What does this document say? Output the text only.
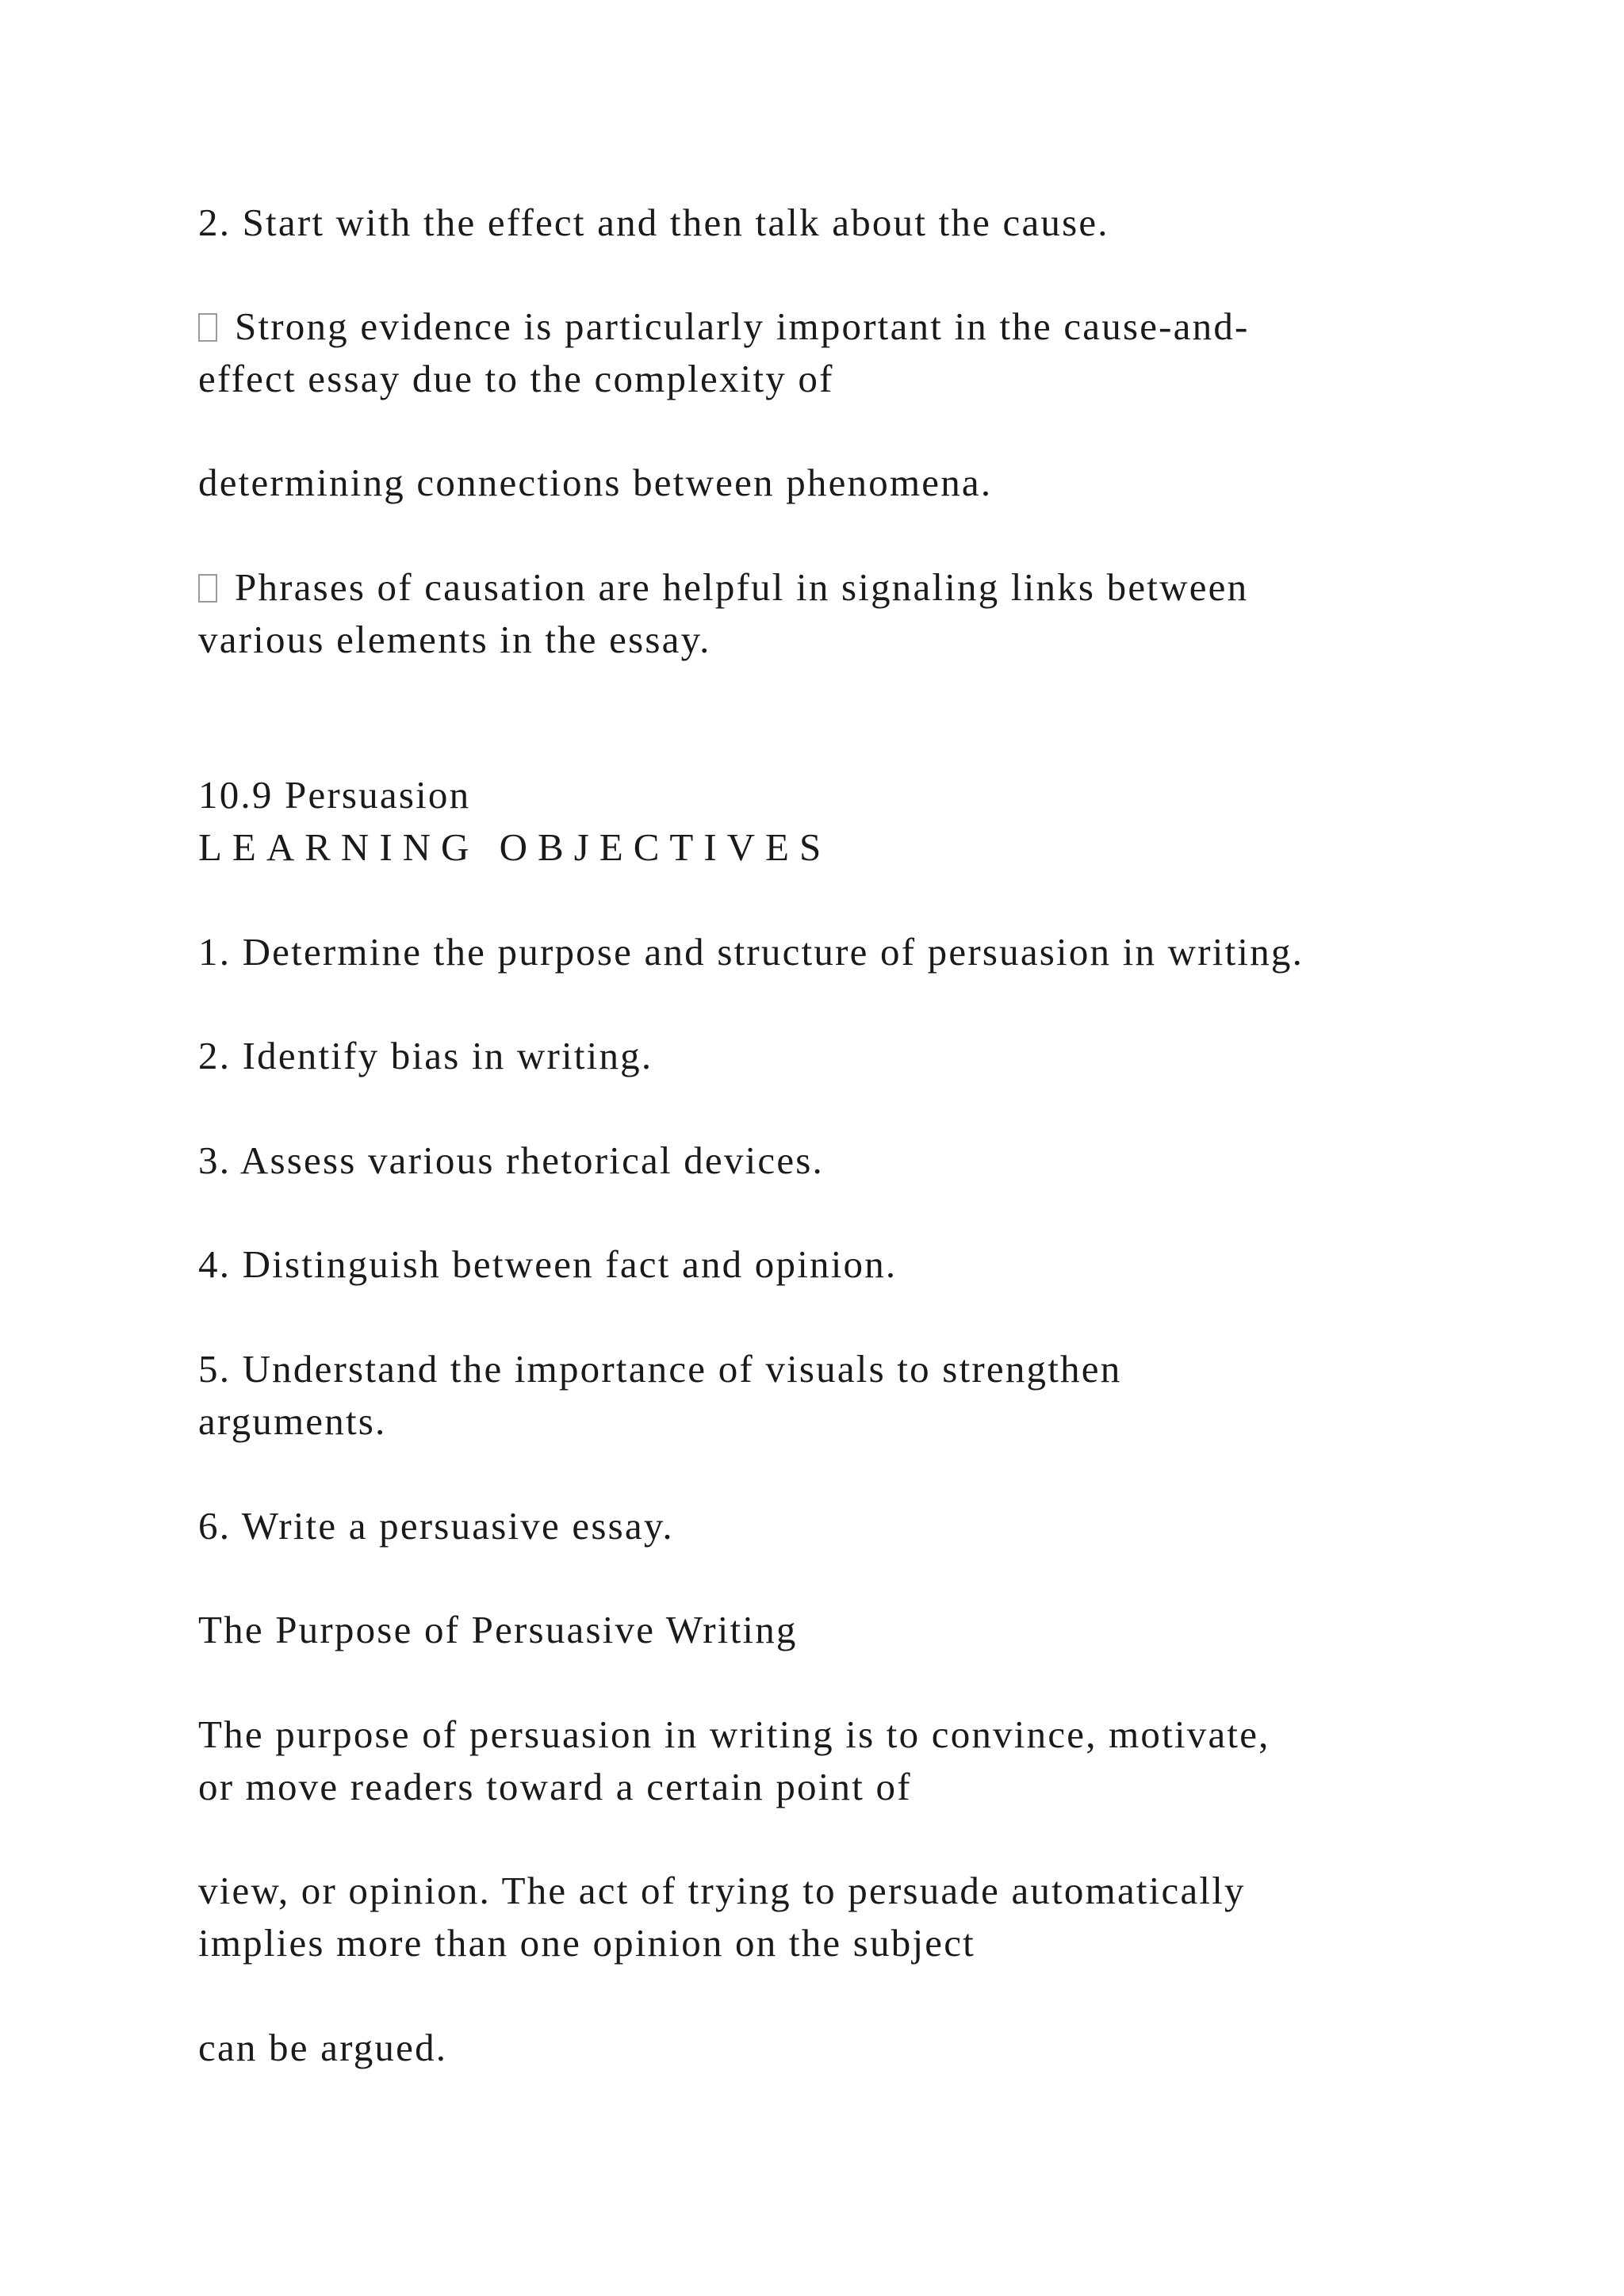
2. Start with the effect and then talk about the cause.

Strong evidence is particularly important in the cause-and-

effect essay due to the complexity of

determining connections between phenomena.

Phrases of causation are helpful in signaling links between

various elements in the essay.

10.9 Persuasion

LEARNING OBJECTIVES

1. Determine the purpose and structure of persuasion in writing.

2. Identify bias in writing.

3. Assess various rhetorical devices.

4. Distinguish between fact and opinion.

5. Understand the importance of visuals to strengthen

arguments.

6. Write a persuasive essay.

The Purpose of Persuasive Writing

The purpose of persuasion in writing is to convince, motivate,

or move readers toward a certain point of

view, or opinion. The act of trying to persuade automatically

implies more than one opinion on the subject

can be argued.
